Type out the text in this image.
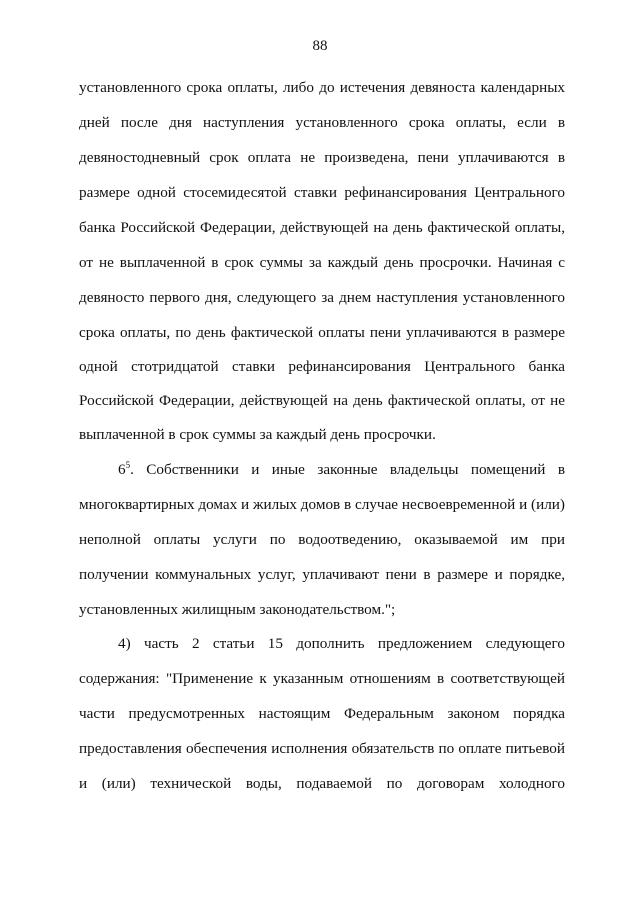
88
установленного срока оплаты, либо до истечения девяноста календарных
дней после дня наступления установленного срока оплаты, если в
девяностодневный срок оплата не произведена, пени уплачиваются в
размере одной стосемидесятой ставки рефинансирования Центрального
банка Российской Федерации, действующей на день фактической оплаты,
от не выплаченной в срок суммы за каждый день просрочки. Начиная с
девяносто первого дня, следующего за днем наступления установленного
срока оплаты, по день фактической оплаты пени уплачиваются в размере
одной стотридцатой ставки рефинансирования Центрального банка
Российской Федерации, действующей на день фактической оплаты, от не
выплаченной в срок суммы за каждый день просрочки.
$6^5$. Собственники и иные законные владельцы помещений в
многоквартирных домах и жилых домов в случае несвоевременной и (или)
неполной оплаты услуги по водоотведению, оказываемой им при
получении коммунальных услуг, уплачивают пени в размере и порядке,
установленных жилищным законодательством.";
4) часть 2 статьи 15 дополнить предложением следующего
содержания: "Применение к указанным отношениям в соответствующей
части предусмотренных настоящим Федеральным законом порядка
предоставления обеспечения исполнения обязательств по оплате питьевой
и (или) технической воды, подаваемой по договорам холодного
